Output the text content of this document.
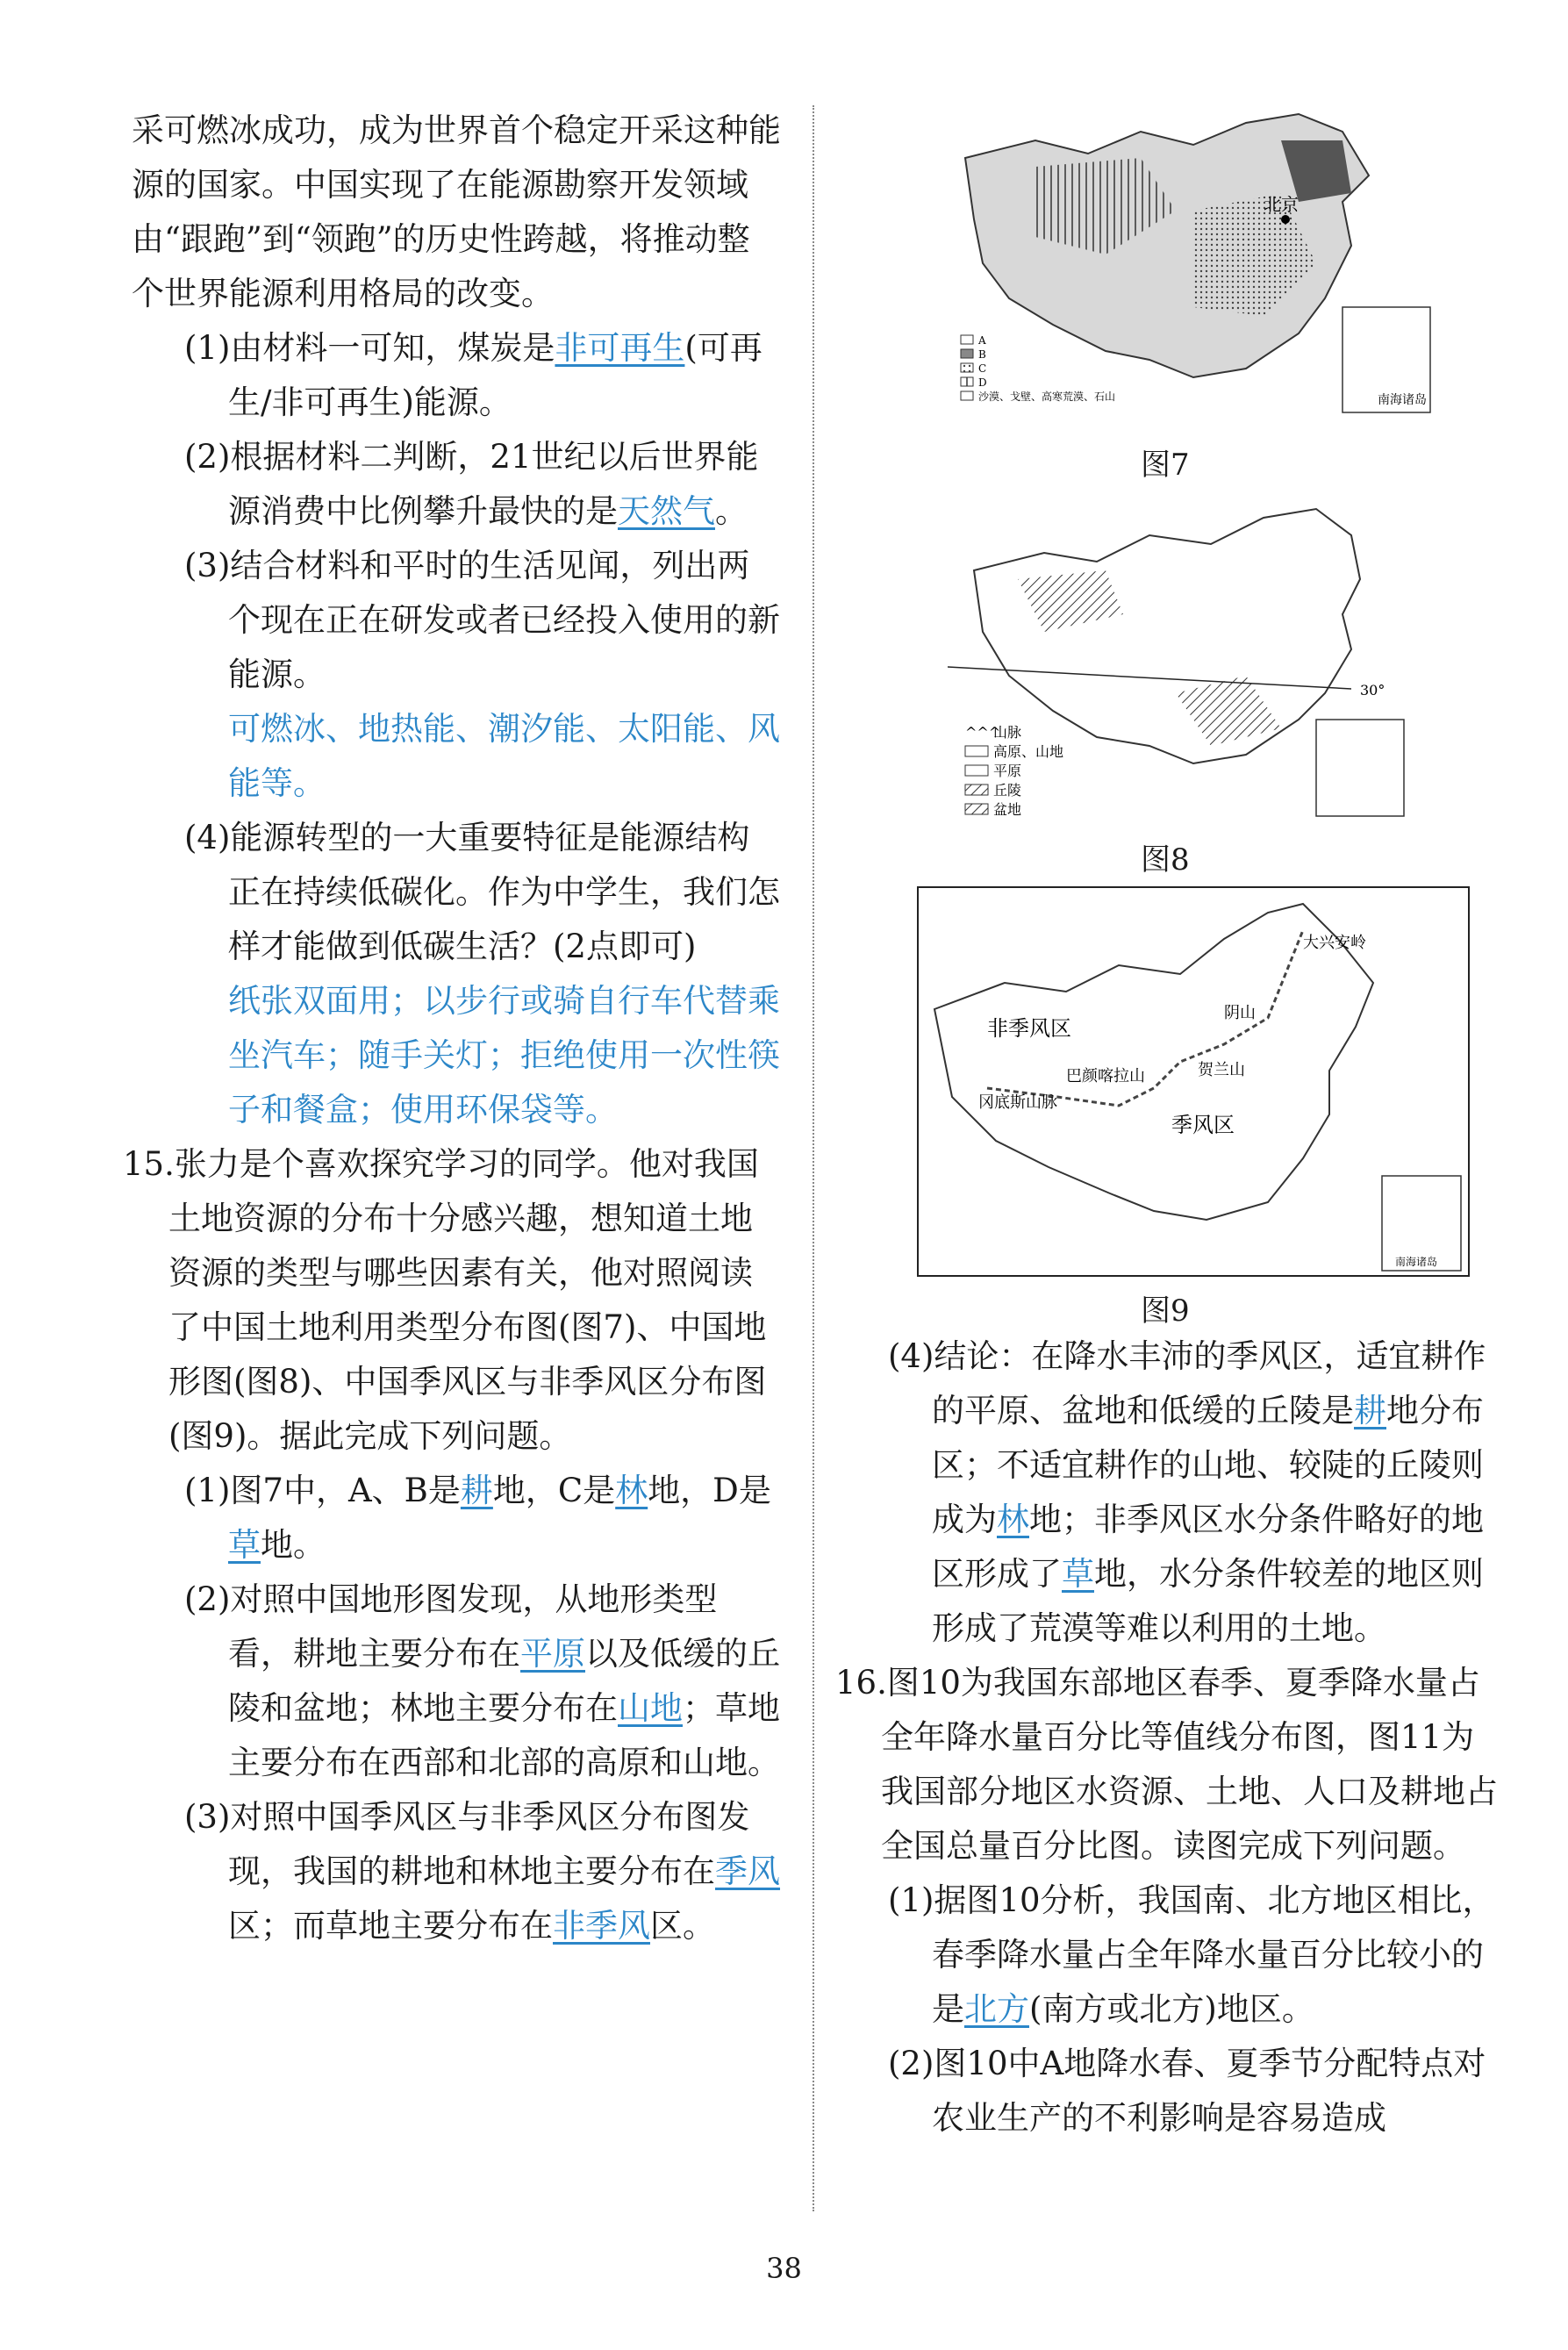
采可燃冰成功，成为世界首个稳定开采这种能源的国家。中国实现了在能源勘察开发领域由“跟跑”到“领跑”的历史性跨越，将推动整个世界能源利用格局的改变。

(1)由材料一可知，煤炭是非可再生(可再生/非可再生)能源。

(2)根据材料二判断，21世纪以后世界能源消费中比例攀升最快的是天然气。

(3)结合材料和平时的生活见闻，列出两个现在正在研发或者已经投入使用的新能源。

可燃冰、地热能、潮汐能、太阳能、风能等。

(4)能源转型的一大重要特征是能源结构正在持续低碳化。作为中学生，我们怎样才能做到低碳生活？(2点即可)

纸张双面用；以步行或骑自行车代替乘坐汽车；随手关灯；拒绝使用一次性筷子和餐盒；使用环保袋等。

15.张力是个喜欢探究学习的同学。他对我国土地资源的分布十分感兴趣，想知道土地资源的类型与哪些因素有关，他对照阅读了中国土地利用类型分布图(图7)、中国地形图(图8)、中国季风区与非季风区分布图(图9)。据此完成下列问题。

(1)图7中，A、B是耕地，C是林地，D是草地。

(2)对照中国地形图发现，从地形类型看，耕地主要分布在平原以及低缓的丘陵和盆地；林地主要分布在山地；草地主要分布在西部和北部的高原和山地。

(3)对照中国季风区与非季风区分布图发现，我国的耕地和林地主要分布在季风区；而草地主要分布在非季风区。

北京
南海诸岛
A
B
C
D
沙漠、戈壁、高寒荒漠、石山
图7
30°
^^^
山脉
高原、山地
平原
丘陵
盆地
图8
非季风区
季风区
冈底斯山脉
巴颜喀拉山	贺兰山
阴山
大兴安岭
南海诸岛
图9

(4)结论：在降水丰沛的季风区，适宜耕作的平原、盆地和低缓的丘陵是耕地分布区；不适宜耕作的山地、较陡的丘陵则成为林地；非季风区水分条件略好的地区形成了草地，水分条件较差的地区则形成了荒漠等难以利用的土地。

16.图10为我国东部地区春季、夏季降水量占全年降水量百分比等值线分布图，图11为我国部分地区水资源、土地、人口及耕地占全国总量百分比图。读图完成下列问题。

(1)据图10分析，我国南、北方地区相比，春季降水量占全年降水量百分比较小的是北方(南方或北方)地区。

(2)图10中A地降水春、夏季节分配特点对农业生产的不利影响是容易造成

38
